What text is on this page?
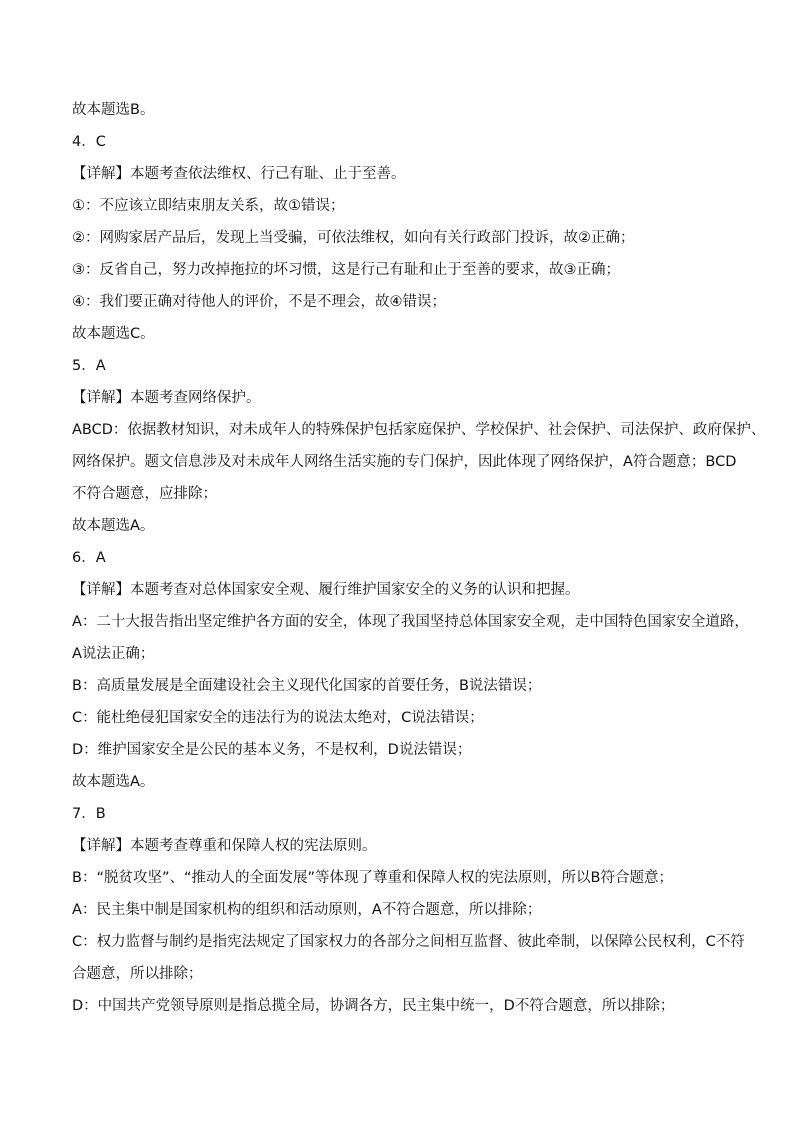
故本题选B。
4．C
【详解】本题考查依法维权、行己有耻、止于至善。
①：不应该立即结束朋友关系，故①错误；
②：网购家居产品后，发现上当受骗，可依法维权，如向有关行政部门投诉，故②正确；
③：反省自己，努力改掉拖拉的坏习惯，这是行己有耻和止于至善的要求，故③正确；
④：我们要正确对待他人的评价，不是不理会，故④错误；
故本题选C。
5．A
【详解】本题考查网络保护。
ABCD：依据教材知识，对未成年人的特殊保护包括家庭保护、学校保护、社会保护、司法保护、政府保护、
网络保护。题文信息涉及对未成年人网络生活实施的专门保护，因此体现了网络保护，A符合题意；BCD
不符合题意，应排除；
故本题选A。
6．A
【详解】本题考查对总体国家安全观、履行维护国家安全的义务的认识和把握。
A：二十大报告指出坚定维护各方面的安全，体现了我国坚持总体国家安全观，走中国特色国家安全道路，
A说法正确；
B：高质量发展是全面建设社会主义现代化国家的首要任务，B说法错误；
C：能杜绝侵犯国家安全的违法行为的说法太绝对，C说法错误；
D：维护国家安全是公民的基本义务，不是权利，D说法错误；
故本题选A。
7．B
【详解】本题考查尊重和保障人权的宪法原则。
B：“脱贫攻坚”、“推动人的全面发展”等体现了尊重和保障人权的宪法原则，所以B符合题意；
A：民主集中制是国家机构的组织和活动原则，A不符合题意，所以排除；
C：权力监督与制约是指宪法规定了国家权力的各部分之间相互监督、彼此牵制，以保障公民权利，C不符
合题意，所以排除；
D：中国共产党领导原则是指总揽全局，协调各方，民主集中统一，D不符合题意，所以排除；
